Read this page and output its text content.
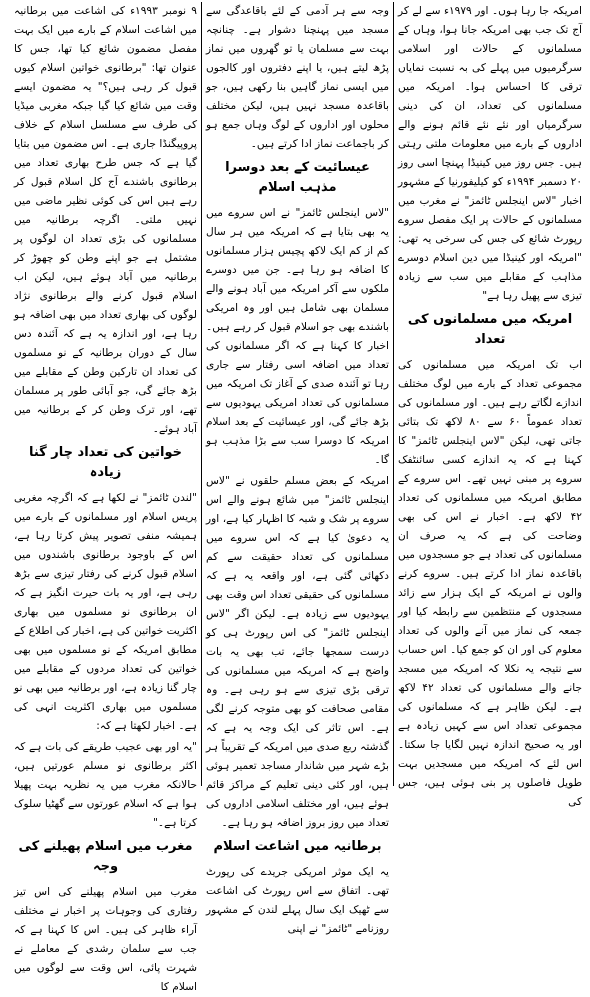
امریکہ جا رہا ہوں۔ اور ۱۹۷۹ء سے لے کر آج تک جب بھی امریکہ جانا ہوا، وہاں کے مسلمانوں کے حالات اور اسلامی سرگرمیوں میں پہلے کی بہ نسبت نمایاں ترقی کا احساس ہوا۔ امریکہ میں مسلمانوں کی تعداد، ان کی دینی سرگرمیاں اور نئے نئے قائم ہونے والے اداروں کے بارے میں معلومات ملتی رہتی ہیں۔ جس روز میں کینیڈا پہنچا اسی روز ۲۰ دسمبر ۱۹۹۴ء کو کیلیفورنیا کے مشہور اخبار "لاس اینجلس ٹائمز" نے مغرب میں مسلمانوں کے حالات پر ایک مفصل سروے رپورٹ شائع کی جس کی سرخی یہ تھی: "امریکہ اور کینیڈا میں دین اسلام دوسرے مذاہب کے مقابلے میں سب سے زیادہ تیزی سے پھیل رہا ہے"

امریکہ میں مسلمانوں کی تعداد

اب تک امریکہ میں مسلمانوں کی مجموعی تعداد کے بارے میں لوگ مختلف اندازے لگاتے رہے ہیں۔ اور مسلمانوں کی تعداد عموماً ۶۰ سے ۸۰ لاکھ تک بتائی جاتی تھی، لیکن "لاس اینجلس ٹائمز" کا کہنا ہے کہ یہ اندازے کسی سائنٹفک سروے پر مبنی نہیں تھے۔ اس سروے کے مطابق امریکہ میں مسلمانوں کی تعداد ۴۲ لاکھ ہے۔ اخبار نے اس کی بھی وضاحت کی ہے کہ یہ صرف ان مسلمانوں کی تعداد ہے جو مسجدوں میں باقاعدہ نماز ادا کرتے ہیں۔ سروے کرنے والوں نے امریکہ کے ایک ہزار سے زائد مسجدوں کے منتظمین سے رابطہ کیا اور جمعہ کی نماز میں آنے والوں کی تعداد معلوم کی اور ان کو جمع کیا۔ اس حساب سے نتیجہ یہ نکلا کہ امریکہ میں مسجد جانے والے مسلمانوں کی تعداد ۴۲ لاکھ ہے۔ لیکن ظاہر ہے کہ مسلمانوں کی مجموعی تعداد اس سے کہیں زیادہ ہے اور یہ صحیح اندازہ نہیں لگایا جا سکتا۔ اس لئے کہ امریکہ میں مسجدیں بہت طویل فاصلوں پر بنی ہوئی ہیں، جس کی

وجہ سے ہر آدمی کے لئے باقاعدگی سے مسجد میں پہنچنا دشوار ہے۔ چنانچہ بہت سے مسلمان یا تو گھروں میں نماز پڑھ لیتے ہیں، یا اپنے دفتروں اور کالجوں میں ایسی نماز گاہیں بنا رکھی ہیں، جو باقاعدہ مسجد نہیں ہیں، لیکن مختلف محلوں اور اداروں کے لوگ وہاں جمع ہو کر باجماعت نماز ادا کرتے ہیں۔

عیسائیت کے بعد دوسرا مذہب اسلام

"لاس اینجلس ٹائمز" نے اس سروے میں یہ بھی بتایا ہے کہ امریکہ میں ہر سال کم از کم ایک لاکھ پچیس ہزار مسلمانوں کا اضافہ ہو رہا ہے۔ جن میں دوسرے ملکوں سے آکر امریکہ میں آباد ہونے والے مسلمان بھی شامل ہیں اور وہ امریکی باشندے بھی جو اسلام قبول کر رہے ہیں۔ اخبار کا کہنا ہے کہ اگر مسلمانوں کی تعداد میں اضافہ اسی رفتار سے جاری رہا تو آئندہ صدی کے آغاز تک امریکہ میں مسلمانوں کی تعداد امریکی یہودیوں سے بڑھ جائے گی، اور عیسائیت کے بعد اسلام امریکہ کا دوسرا سب سے بڑا مذہب ہو گا۔

امریکہ کے بعض مسلم حلقوں نے "لاس اینجلس ٹائمز" میں شائع ہونے والے اس سروے پر شک و شبہ کا اظہار کیا ہے، اور یہ دعویٰ کیا ہے کہ اس سروے میں مسلمانوں کی تعداد حقیقت سے کم دکھائی گئی ہے، اور واقعہ یہ ہے کہ مسلمانوں کی حقیقی تعداد اس وقت بھی یہودیوں سے زیادہ ہے۔ لیکن اگر "لاس اینجلس ٹائمز" کی اس رپورٹ ہی کو درست سمجھا جائے، تب بھی یہ بات واضح ہے کہ امریکہ میں مسلمانوں کی ترقی بڑی تیزی سے ہو رہی ہے۔ وہ مقامی صحافت کو بھی متوجہ کرنے لگی ہے۔ اس تاثر کی ایک وجہ یہ ہے کہ گذشتہ ربع صدی میں امریکہ کے تقریباً ہر بڑے شہر میں شاندار مساجد تعمیر ہوئی ہیں، اور کئی دینی تعلیم کے مراکز قائم ہوئے ہیں، اور مختلف اسلامی اداروں کی تعداد میں روز بروز اضافہ ہو رہا ہے۔

برطانیہ میں اشاعت اسلام

یہ ایک موثر امریکی جریدے کی رپورٹ تھی۔ اتفاق سے اس رپورٹ کی اشاعت سے ٹھیک ایک سال پہلے لندن کے مشہور روزنامے "ٹائمز" نے اپنی

۹ نومبر ۱۹۹۳ء کی اشاعت میں برطانیہ میں اشاعت اسلام کے بارے میں ایک بہت مفصل مضمون شائع کیا تھا، جس کا عنوان تھا: "برطانوی خواتین اسلام کیوں قبول کر رہی ہیں؟" یہ مضمون ایسے وقت میں شائع کیا گیا جبکہ مغربی میڈیا کی طرف سے مسلسل اسلام کے خلاف پروپیگنڈا جاری ہے۔ اس مضمون میں بتایا گیا ہے کہ جس طرح بھاری تعداد میں برطانوی باشندے آج کل اسلام قبول کر رہے ہیں اس کی کوئی نظیر ماضی میں نہیں ملتی۔ اگرچہ برطانیہ میں مسلمانوں کی بڑی تعداد ان لوگوں پر مشتمل ہے جو اپنے وطن کو چھوڑ کر برطانیہ میں آباد ہوئے ہیں، لیکن اب اسلام قبول کرنے والے برطانوی نژاد لوگوں کی بھاری تعداد میں بھی اضافہ ہو رہا ہے، اور اندازہ یہ ہے کہ آئندہ دس سال کے دوران برطانیہ کے نو مسلموں کی تعداد ان تارکین وطن کے مقابلے میں بڑھ جائے گی، جو آبائی طور پر مسلمان تھے، اور ترک وطن کر کے برطانیہ میں آباد ہوئے۔

خواتین کی تعداد چار گنا زیادہ

"لندن ٹائمز" نے لکھا ہے کہ اگرچہ مغربی پریس اسلام اور مسلمانوں کے بارے میں ہمیشہ منفی تصویر پیش کرتا رہا ہے، اس کے باوجود برطانوی باشندوں میں اسلام قبول کرنے کی رفتار تیزی سے بڑھ رہی ہے، اور یہ بات حیرت انگیز ہے کہ ان برطانوی نو مسلموں میں بھاری اکثریت خواتین کی ہے، اخبار کی اطلاع کے مطابق امریکہ کے نو مسلموں میں بھی خواتین کی تعداد مردوں کے مقابلے میں چار گنا زیادہ ہے، اور برطانیہ میں بھی نو مسلموں میں بھاری اکثریت انہی کی ہے۔ اخبار لکھتا ہے کہ:

"یہ اور بھی عجیب طریقے کی بات ہے کہ اکثر برطانوی نو مسلم عورتیں ہیں، حالانکہ مغرب میں یہ نظریہ بہت پھیلا ہوا ہے کہ اسلام عورتوں سے گھٹیا سلوک کرتا ہے۔"

مغرب میں اسلام پھیلنے کی وجہ

مغرب میں اسلام پھیلنے کی اس تیز رفتاری کی وجوہات پر اخبار نے مختلف آراء ظاہر کی ہیں۔ اس کا کہنا ہے کہ جب سے سلمان رشدی کے معاملے نے شہرت پائی، اس وقت سے لوگوں میں اسلام کا
